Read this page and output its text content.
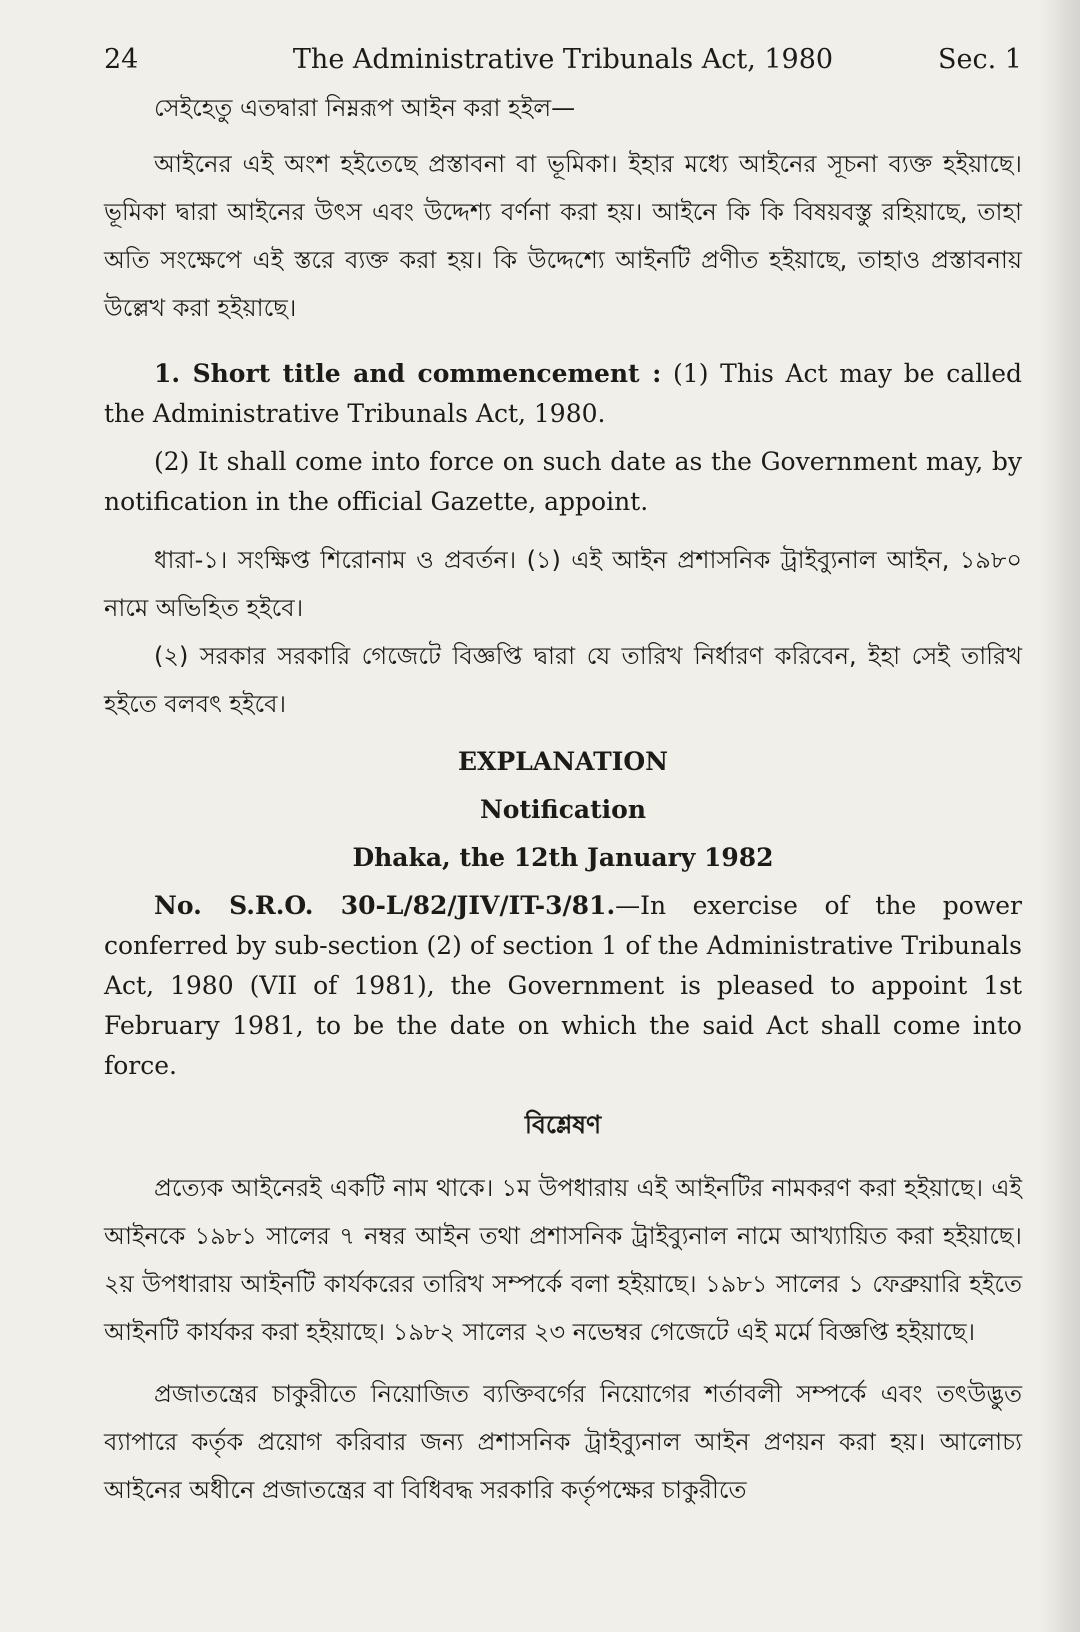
24	The Administrative Tribunals Act, 1980	Sec. 1

সেইহেতু এতদ্বারা নিম্নরূপ আইন করা হইল—

আইনের এই অংশ হইতেছে প্রস্তাবনা বা ভূমিকা। ইহার মধ্যে আইনের সূচনা ব্যক্ত হইয়াছে। ভূমিকা দ্বারা আইনের উৎস এবং উদ্দেশ্য বর্ণনা করা হয়। আইনে কি কি বিষয়বস্তু রহিয়াছে, তাহা অতি সংক্ষেপে এই স্তরে ব্যক্ত করা হয়। কি উদ্দেশ্যে আইনটি প্রণীত হইয়াছে, তাহাও প্রস্তাবনায় উল্লেখ করা হইয়াছে।

1. Short title and commencement : (1) This Act may be called the Administrative Tribunals Act, 1980.

(2) It shall come into force on such date as the Government may, by notification in the official Gazette, appoint.

ধারা-১। সংক্ষিপ্ত শিরোনাম ও প্রবর্তন। (১) এই আইন প্রশাসনিক ট্রাইব্যুনাল আইন, ১৯৮০ নামে অভিহিত হইবে।

(২) সরকার সরকারি গেজেটে বিজ্ঞপ্তি দ্বারা যে তারিখ নির্ধারণ করিবেন, ইহা সেই তারিখ হইতে বলবৎ হইবে।

EXPLANATION
Notification
Dhaka, the 12th January 1982

No. S.R.O. 30-L/82/JIV/IT-3/81.—In exercise of the power conferred by sub-section (2) of section 1 of the Administrative Tribunals Act, 1980 (VII of 1981), the Government is pleased to appoint 1st February 1981, to be the date on which the said Act shall come into force.

বিশ্লেষণ

প্রত্যেক আইনেরই একটি নাম থাকে। ১ম উপধারায় এই আইনটির নামকরণ করা হইয়াছে। এই আইনকে ১৯৮১ সালের ৭ নম্বর আইন তথা প্রশাসনিক ট্রাইব্যুনাল নামে আখ্যায়িত করা হইয়াছে। ২য় উপধারায় আইনটি কার্যকরের তারিখ সম্পর্কে বলা হইয়াছে। ১৯৮১ সালের ১ ফেব্রুয়ারি হইতে আইনটি কার্যকর করা হইয়াছে। ১৯৮২ সালের ২৩ নভেম্বর গেজেটে এই মর্মে বিজ্ঞপ্তি হইয়াছে।

প্রজাতন্ত্রের চাকুরীতে নিয়োজিত ব্যক্তিবর্গের নিয়োগের শর্তাবলী সম্পর্কে এবং তৎউদ্ভুত ব্যাপারে কর্তৃক প্রয়োগ করিবার জন্য প্রশাসনিক ট্রাইব্যুনাল আইন প্রণয়ন করা হয়। আলোচ্য আইনের অধীনে প্রজাতন্ত্রের বা বিধিবদ্ধ সরকারি কর্তৃপক্ষের চাকুরীতে
